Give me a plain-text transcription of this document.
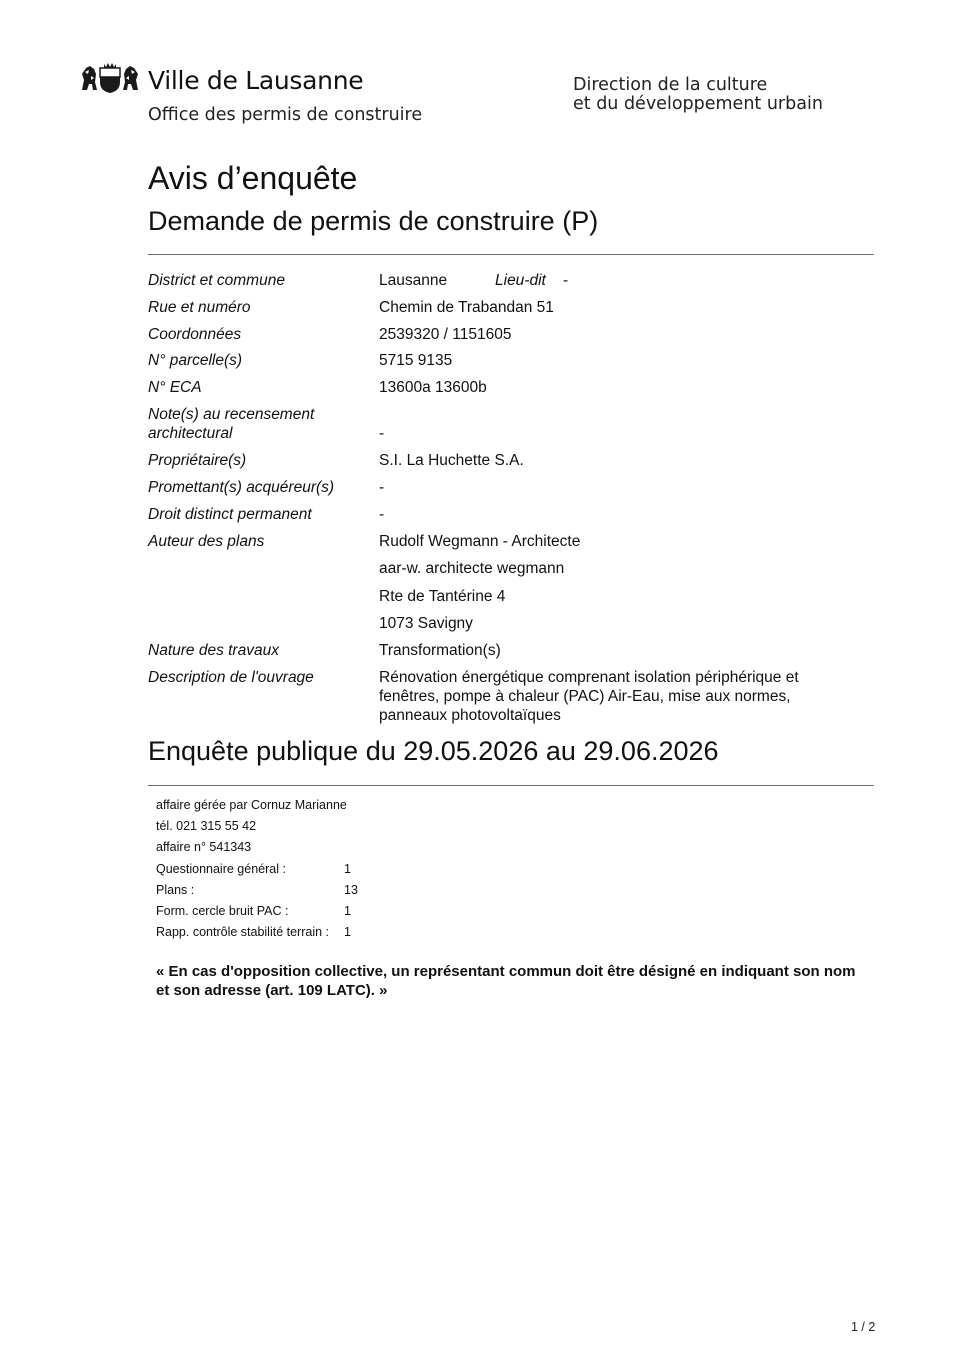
Ville de Lausanne
Office des permis de construire
Direction de la culture
et du développement urbain
Avis d’enquête
Demande de permis de construire (P)
District et commune	Lausanne	Lieu-dit	-
Rue et numéro	Chemin de Trabandan 51
Coordonnées	2539320 / 1151605
N° parcelle(s)	5715 9135
N° ECA	13600a 13600b
Note(s) au recensement architectural	-
Propriétaire(s)	S.I. La Huchette S.A.
Promettant(s) acquéreur(s)	-
Droit distinct permanent	-
Auteur des plans	Rudolf Wegmann - Architecte
aar-w. architecte wegmann
Rte de Tantérine 4
1073 Savigny
Nature des travaux	Transformation(s)
Description de l'ouvrage	Rénovation énergétique comprenant isolation périphérique et fenêtres, pompe à chaleur (PAC) Air-Eau, mise aux normes, panneaux photovoltaïques
Enquête publique du 29.05.2026 au 29.06.2026
affaire gérée par Cornuz Marianne
tél. 021 315 55 42
affaire n° 541343
Questionnaire général :	1
Plans :	13
Form. cercle bruit PAC :	1
Rapp. contrôle stabilité terrain : 1
« En cas d'opposition collective, un représentant commun doit être désigné en indiquant son nom et son adresse (art. 109 LATC). »
1 / 2
